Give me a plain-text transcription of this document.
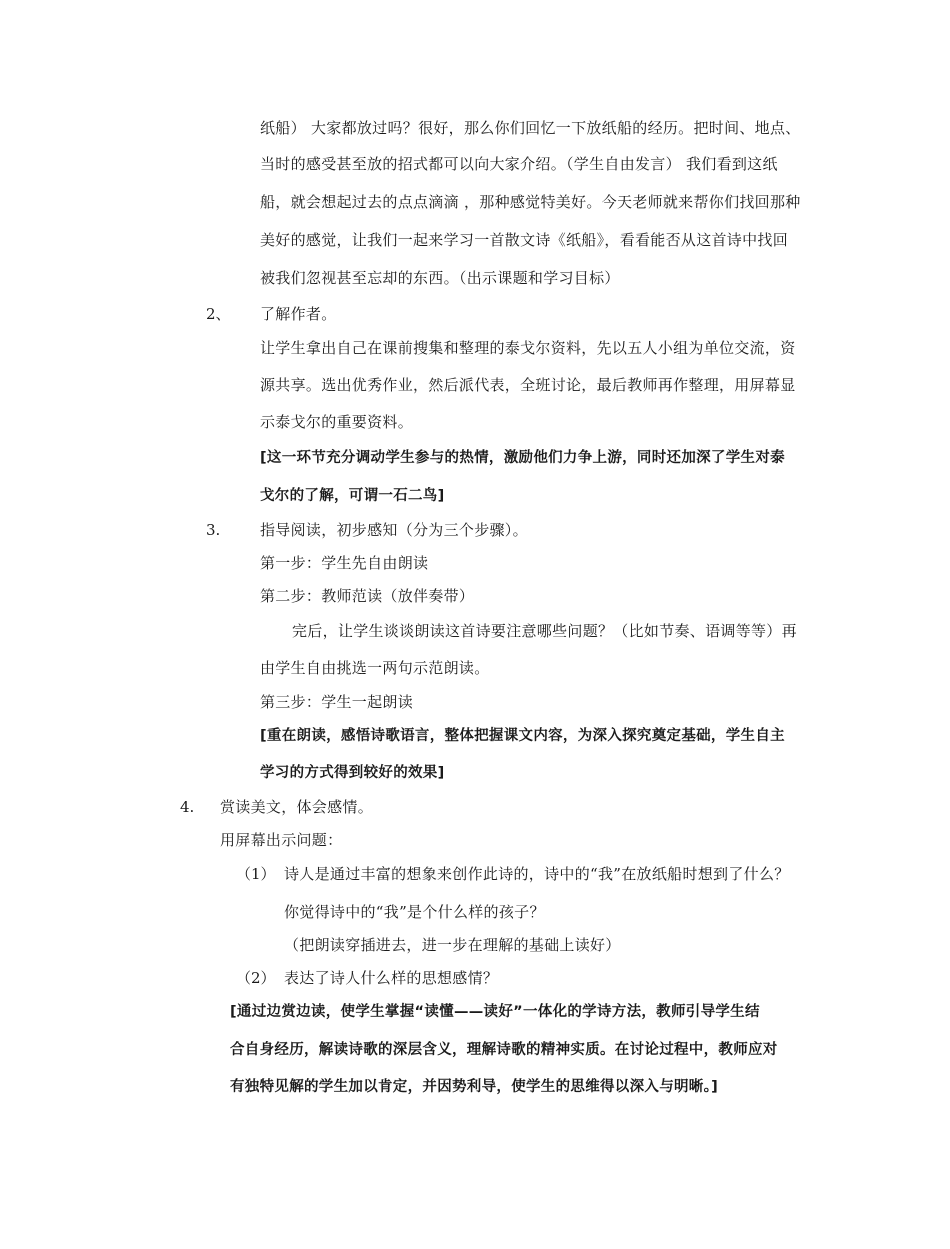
纸船） 大家都放过吗？很好，那么你们回忆一下放纸船的经历。把时间、地点、
当时的感受甚至放的招式都可以向大家介绍。（学生自由发言） 我们看到这纸
船，就会想起过去的点点滴滴 ，那种感觉特美好。今天老师就来帮你们找回那种
美好的感觉，让我们一起来学习一首散文诗《纸船》，看看能否从这首诗中找回
被我们忽视甚至忘却的东西。（出示课题和学习目标）
2、 了解作者。
让学生拿出自己在课前搜集和整理的泰戈尔资料，先以五人小组为单位交流，资
源共享。选出优秀作业，然后派代表，全班讨论，最后教师再作整理，用屏幕显
示泰戈尔的重要资料。
[这一环节充分调动学生参与的热情，激励他们力争上游，同时还加深了学生对泰
戈尔的了解，可谓一石二鸟]
3.	指导阅读，初步感知（分为三个步骤）。
第一步：学生先自由朗读
第二步：教师范读（放伴奏带）
完后，让学生谈谈朗读这首诗要注意哪些问题？（比如节奏、语调等等）再
由学生自由挑选一两句示范朗读。
第三步：学生一起朗读
[重在朗读，感悟诗歌语言，整体把握课文内容，为深入探究奠定基础，学生自主
学习的方式得到较好的效果]
4. 赏读美文，体会感情。
用屏幕出示问题：
（1） 诗人是通过丰富的想象来创作此诗的，诗中的“我”在放纸船时想到了什么？
你觉得诗中的“我”是个什么样的孩子？
（把朗读穿插进去，进一步在理解的基础上读好）
（2） 表达了诗人什么样的思想感情？
[通过边赏边读，使学生掌握“读懂——读好”一体化的学诗方法，教师引导学生结
合自身经历，解读诗歌的深层含义，理解诗歌的精神实质。在讨论过程中，教师应对
有独特见解的学生加以肯定，并因势利导，使学生的思维得以深入与明晰。]
